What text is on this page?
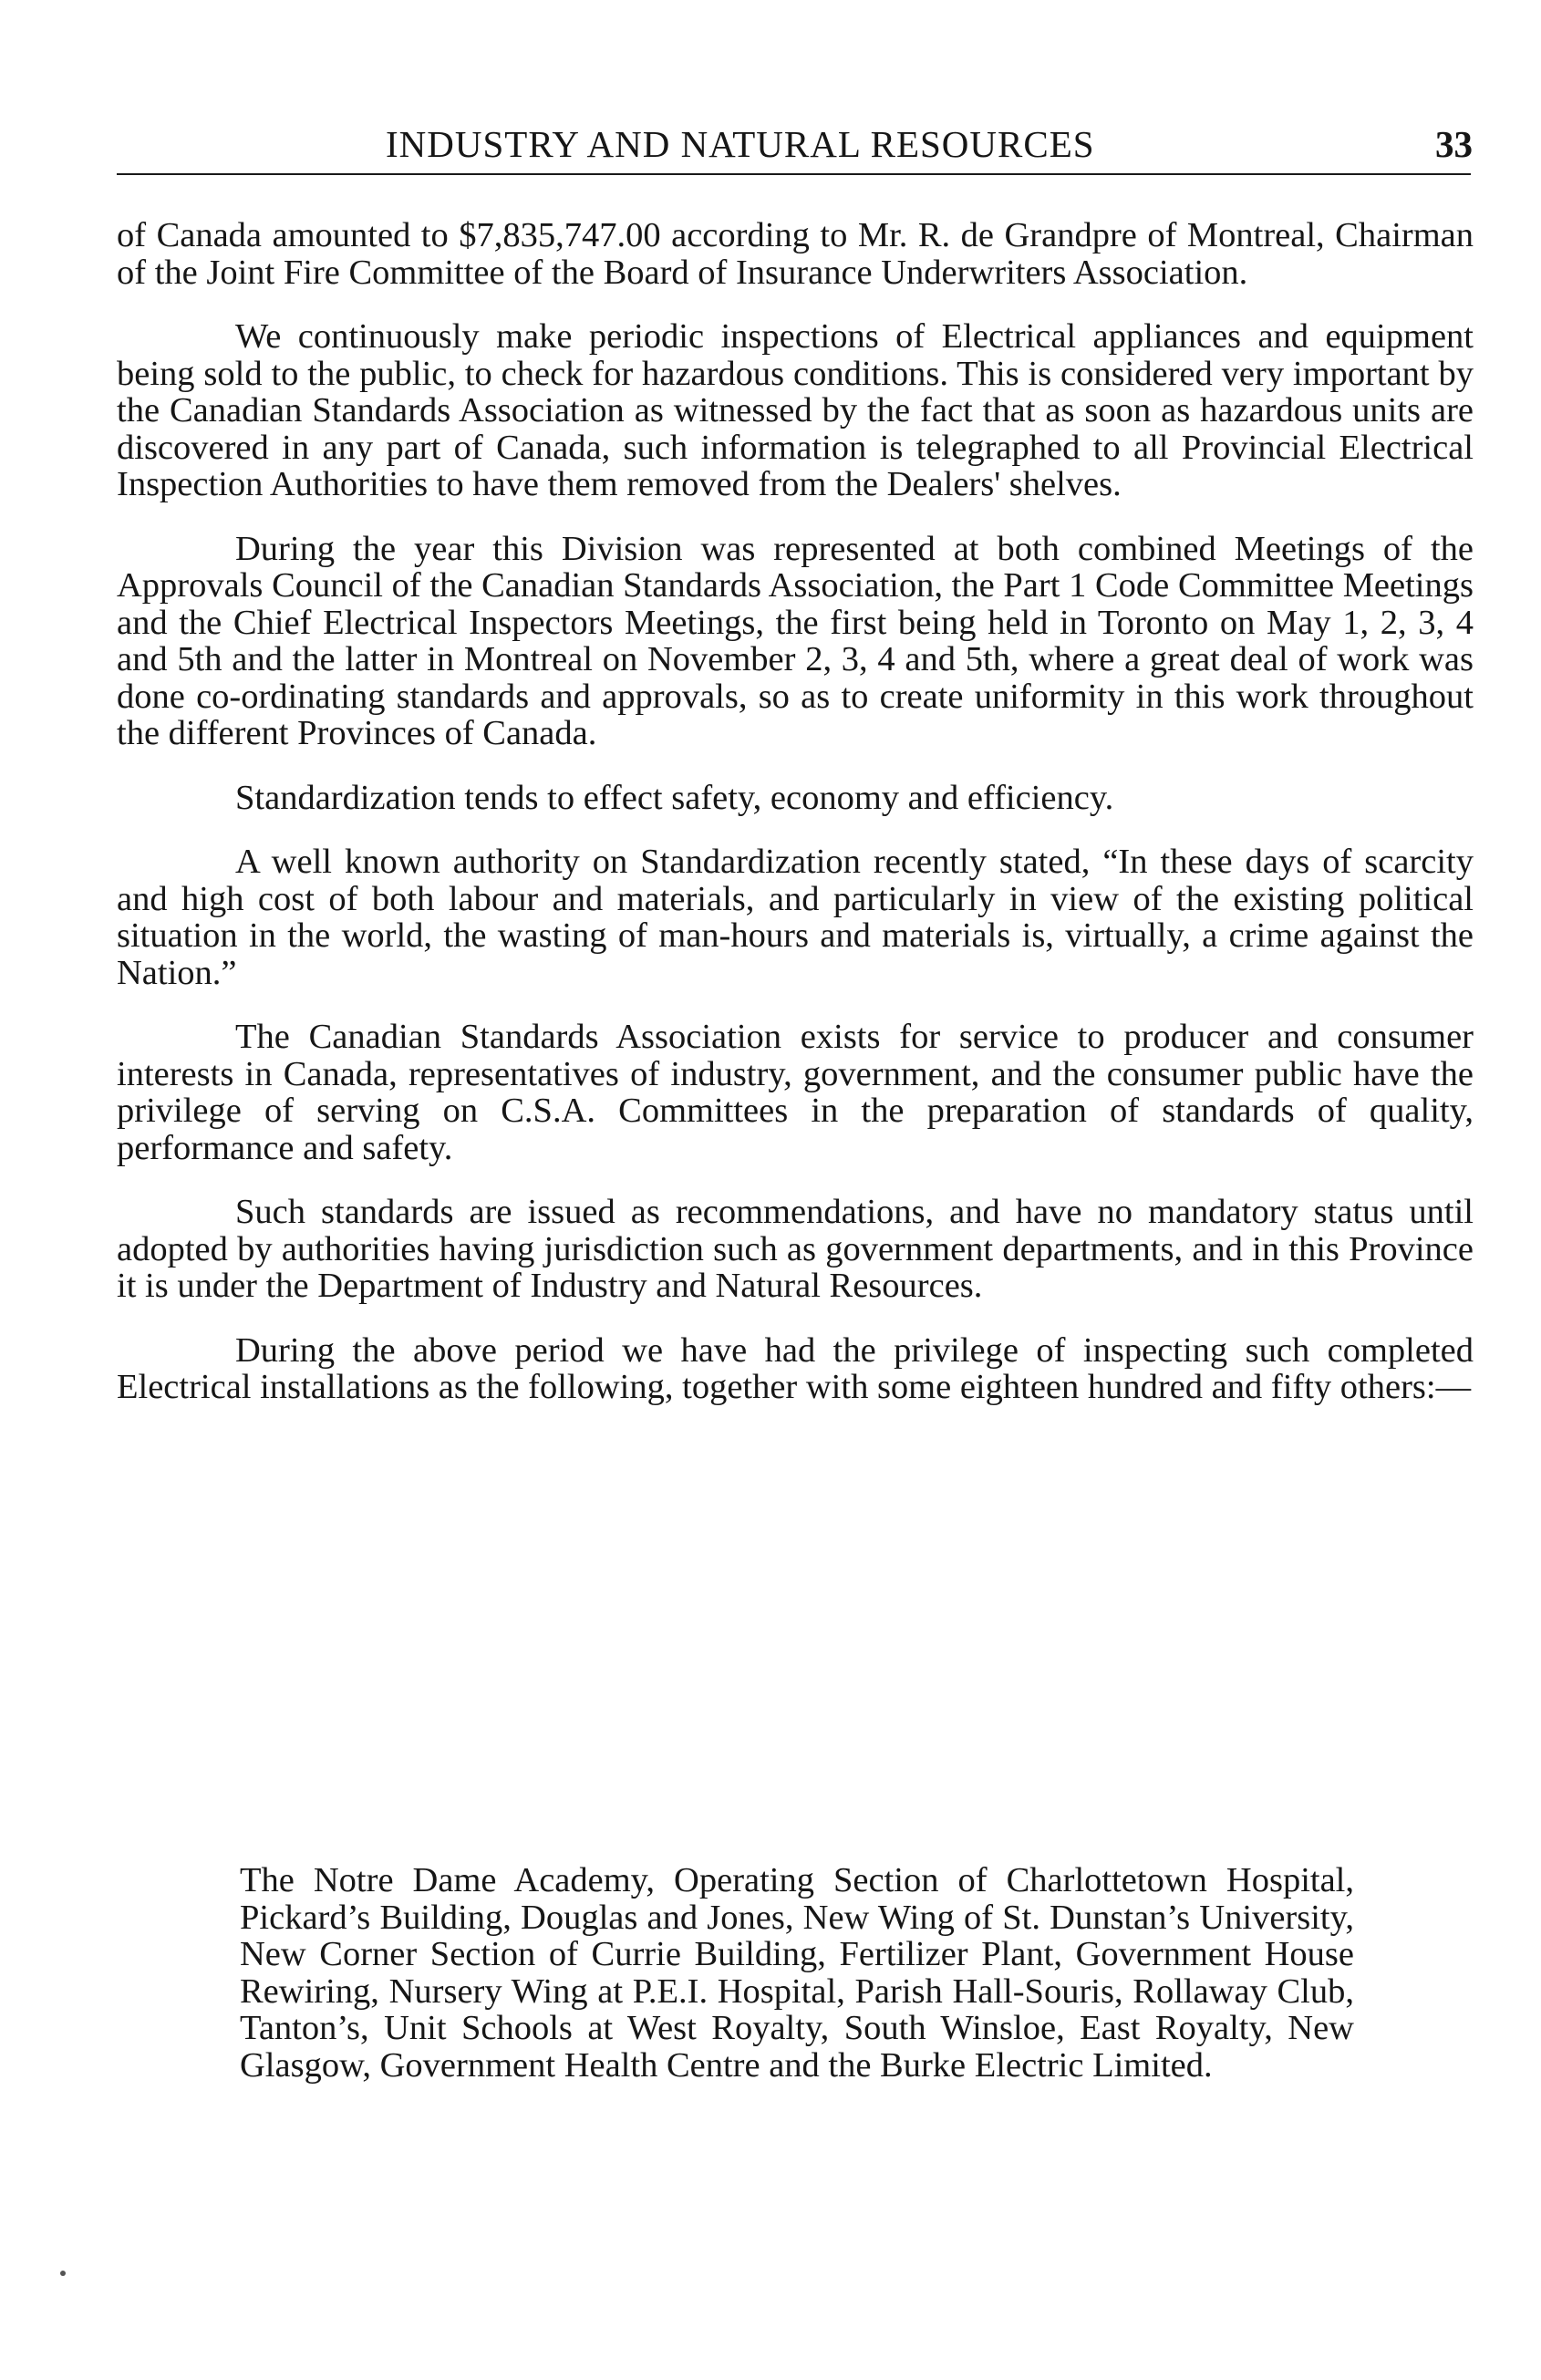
INDUSTRY AND NATURAL RESOURCES	33

of Canada amounted to $7,835,747.00 according to Mr. R. de Grandpre of Montreal, Chairman of the Joint Fire Committee of the Board of Insurance Underwriters Association.

We continuously make periodic inspections of Electrical appliances and equipment being sold to the public, to check for hazardous conditions. This is considered very important by the Canadian Standards Association as witnessed by the fact that as soon as hazardous units are discovered in any part of Canada, such information is telegraphed to all Provincial Electrical Inspection Authorities to have them removed from the Dealers' shelves.

During the year this Division was represented at both combined Meetings of the Approvals Council of the Canadian Standards Association, the Part 1 Code Committee Meetings and the Chief Electrical Inspectors Meetings, the first being held in Toronto on May 1, 2, 3, 4 and 5th and the latter in Montreal on November 2, 3, 4 and 5th, where a great deal of work was done co-ordinating standards and approvals, so as to create uniformity in this work throughout the different Provinces of Canada.

Standardization tends to effect safety, economy and efficiency.

A well known authority on Standardization recently stated, “In these days of scarcity and high cost of both labour and materials, and particularly in view of the existing political situation in the world, the wasting of man-hours and materials is, virtually, a crime against the Nation.”

The Canadian Standards Association exists for service to producer and consumer interests in Canada, representatives of industry, government, and the consumer public have the privilege of serving on C.S.A. Committees in the preparation of standards of quality, performance and safety.

Such standards are issued as recommendations, and have no mandatory status until adopted by authorities having jurisdiction such as government departments, and in this Province it is under the Department of Industry and Natural Resources.

During the above period we have had the privilege of inspecting such completed Electrical installations as the following, together with some eighteen hundred and fifty others:—

The Notre Dame Academy, Operating Section of Charlottetown Hospital, Pickard’s Building, Douglas and Jones, New Wing of St. Dunstan’s University, New Corner Section of Currie Building, Fertilizer Plant, Government House Rewiring, Nursery Wing at P.E.I. Hospital, Parish Hall-Souris, Rollaway Club, Tanton’s, Unit Schools at West Royalty, South Winsloe, East Royalty, New Glasgow, Government Health Centre and the Burke Electric Limited.
